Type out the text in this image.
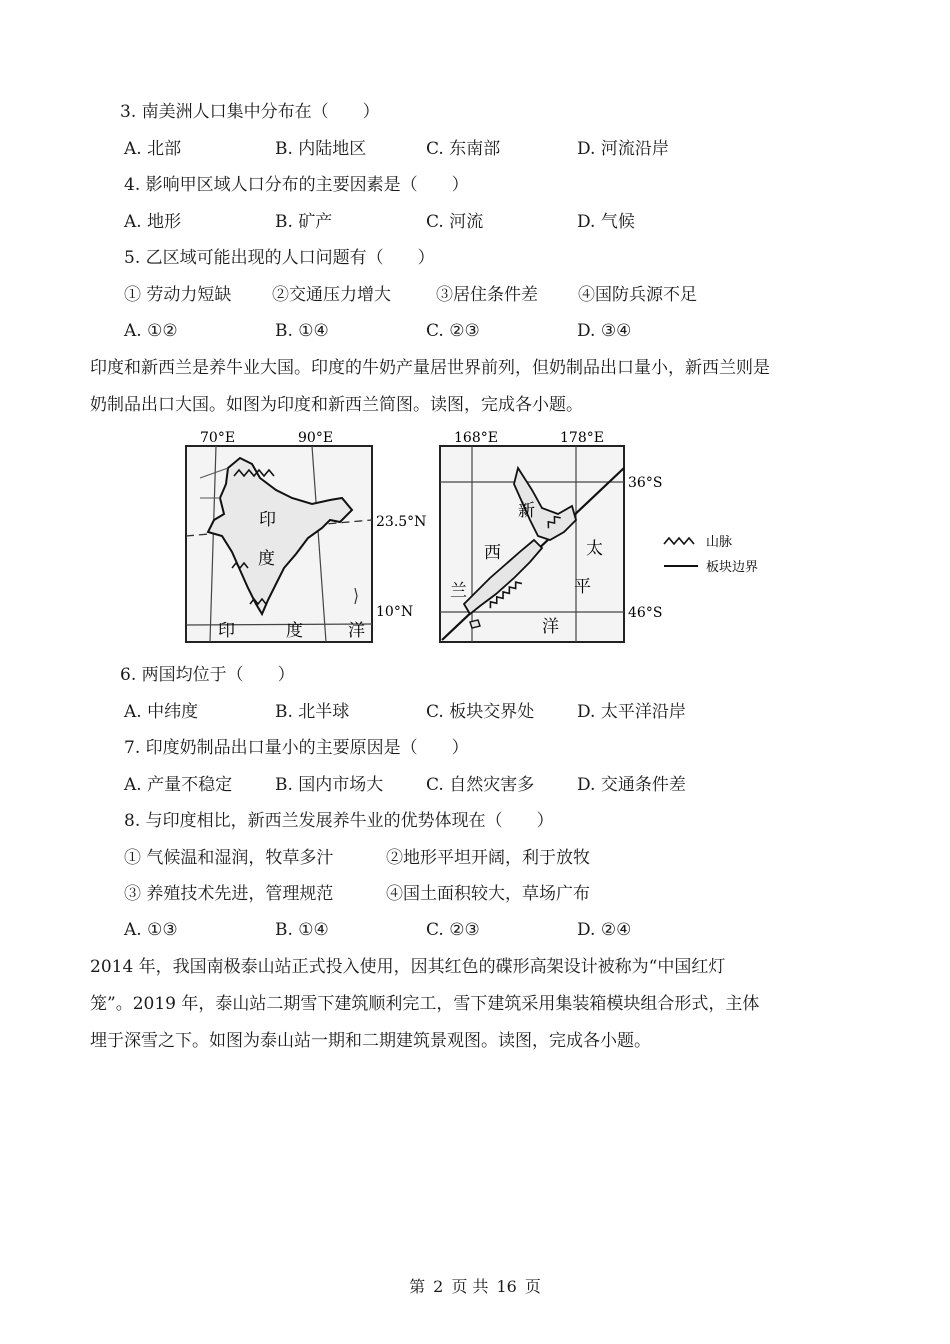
3. 南美洲人口集中分布在（　　）
A. 北部	B. 内陆地区	C. 东南部	D. 河流沿岸
4. 影响甲区域人口分布的主要因素是（　　）
A. 地形	B. 矿产	C. 河流	D. 气候
5. 乙区域可能出现的人口问题有（　　）
① 劳动力短缺 ②交通压力增大	③居住条件差 ④国防兵源不足
A. ①②	B. ①④	C. ②③	D. ③④
印度和新西兰是养牛业大国。印度的牛奶产量居世界前列，但奶制品出口量小，新西兰则是
奶制品出口大国。如图为印度和新西兰简图。读图，完成各小题。
印
度
印	度	洋
70°E	90°E
23.5°N
10°N
新
西
兰
太
平
洋
168°E	178°E
36°S
46°S
山脉
板块边界
6. 两国均位于（　　）
A. 中纬度	B. 北半球	C. 板块交界处	D. 太平洋沿岸
7. 印度奶制品出口量小的主要原因是（　　）
A. 产量不稳定	B. 国内市场大	C. 自然灾害多	D. 交通条件差
8. 与印度相比，新西兰发展养牛业的优势体现在（　　）
① 气候温和湿润，牧草多汁	②地形平坦开阔，利于放牧
③ 养殖技术先进，管理规范	④国土面积较大，草场广布
A. ①③	B. ①④	C. ②③	D. ②④
2014 年，我国南极泰山站正式投入使用，因其红色的碟形高架设计被称为“中国红灯
笼”。2019 年，泰山站二期雪下建筑顺利完工，雪下建筑采用集装箱模块组合形式，主体
埋于深雪之下。如图为泰山站一期和二期建筑景观图。读图，完成各小题。
第 2 页 共 16 页
